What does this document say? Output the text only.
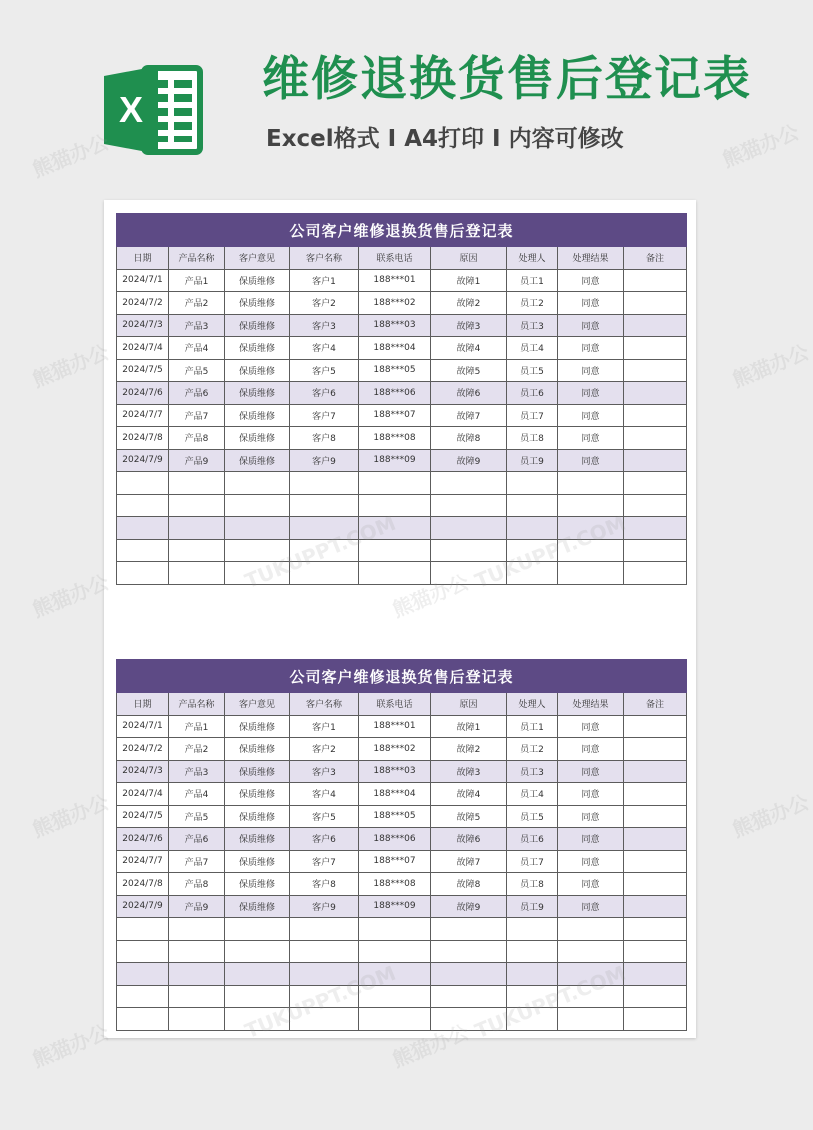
X
维修退换货售后登记表
Excel格式 I A4打印 I 内容可修改
公司客户维修退换货售后登记表								
日期	产品名称	客户意见	客户名称	联系电话	原因	处理人	处理结果	备注
2024/7/1	产品1	保质维修	客户1	188***01	故障1	员工1	同意	
2024/7/2	产品2	保质维修	客户2	188***02	故障2	员工2	同意	
2024/7/3	产品3	保质维修	客户3	188***03	故障3	员工3	同意	
2024/7/4	产品4	保质维修	客户4	188***04	故障4	员工4	同意	
2024/7/5	产品5	保质维修	客户5	188***05	故障5	员工5	同意	
2024/7/6	产品6	保质维修	客户6	188***06	故障6	员工6	同意	
2024/7/7	产品7	保质维修	客户7	188***07	故障7	员工7	同意	
2024/7/8	产品8	保质维修	客户8	188***08	故障8	员工8	同意	
2024/7/9	产品9	保质维修	客户9	188***09	故障9	员工9	同意	

公司客户维修退换货售后登记表								
日期	产品名称	客户意见	客户名称	联系电话	原因	处理人	处理结果	备注
2024/7/1	产品1	保质维修	客户1	188***01	故障1	员工1	同意	
2024/7/2	产品2	保质维修	客户2	188***02	故障2	员工2	同意	
2024/7/3	产品3	保质维修	客户3	188***03	故障3	员工3	同意	
2024/7/4	产品4	保质维修	客户4	188***04	故障4	员工4	同意	
2024/7/5	产品5	保质维修	客户5	188***05	故障5	员工5	同意	
2024/7/6	产品6	保质维修	客户6	188***06	故障6	员工6	同意	
2024/7/7	产品7	保质维修	客户7	188***07	故障7	员工7	同意	
2024/7/8	产品8	保质维修	客户8	188***08	故障8	员工8	同意	
2024/7/9	产品9	保质维修	客户9	188***09	故障9	员工9	同意	

熊猫办公	熊猫办公
熊猫办公	熊猫办公
熊猫办公
熊猫办公	熊猫办公
熊猫办公	熊猫办公
